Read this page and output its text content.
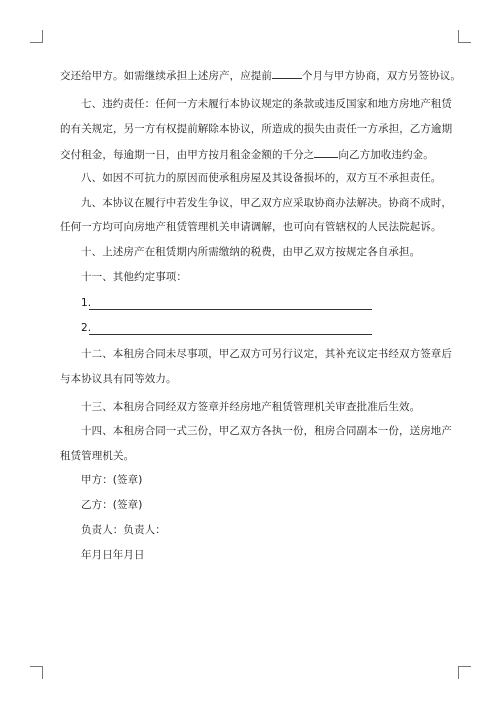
交还给甲方。如需继续承担上述房产，应提前	个月与甲方协商，双方另签协议。
七、违约责任：任何一方未履行本协议规定的条款或违反国家和地方房地产租赁
的有关规定，另一方有权提前解除本协议，所造成的损失由责任一方承担，乙方逾期
交付租金，每逾期一日，由甲方按月租金金额的千分之 向乙方加收违约金。
八、如因不可抗力的原因而使承租房屋及其设备损坏的，双方互不承担责任。
九、本协议在履行中若发生争议，甲乙双方应采取协商办法解决。协商不成时，
任何一方均可向房地产租赁管理机关申请调解，也可向有管辖权的人民法院起诉。
十、上述房产在租赁期内所需缴纳的税费，由甲乙双方按规定各自承担。
十一、其他约定事项：
1.
2.
十二、本租房合同未尽事项，甲乙双方可另行议定，其补充议定书经双方签章后
与本协议具有同等效力。
十三、本租房合同经双方签章并经房地产租赁管理机关审查批准后生效。
十四、本租房合同一式三份，甲乙双方各执一份，租房合同副本一份，送房地产
租赁管理机关。
甲方：(签章)
乙方：(签章)
负责人：负责人：
年月日年月日
